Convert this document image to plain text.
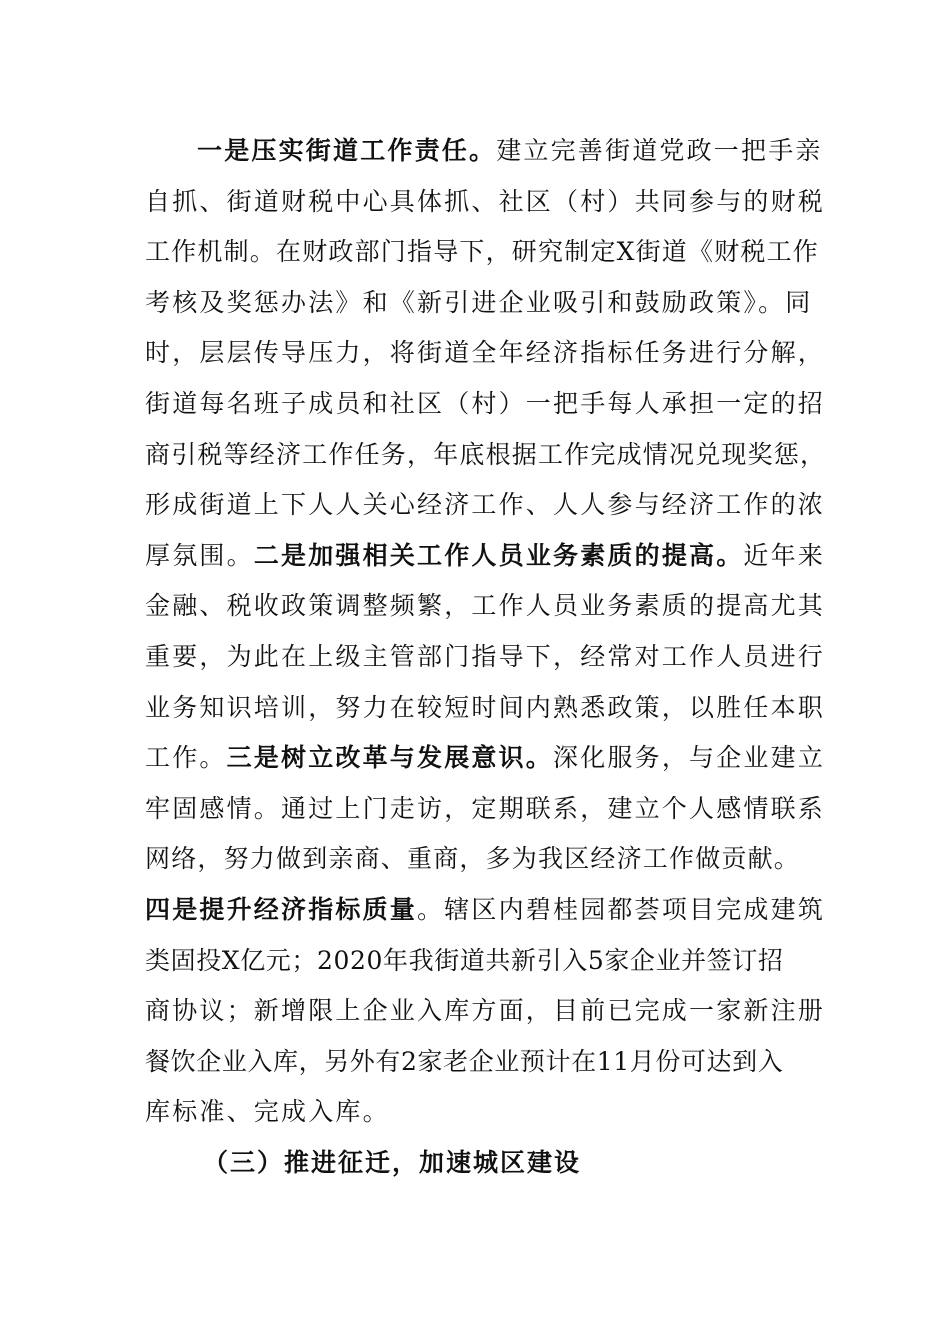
一是压实街道工作责任。建立完善街道党政一把手亲
自抓、街道财税中心具体抓、社区（村）共同参与的财税
工作机制。在财政部门指导下，研究制定X街道《财税工作
考核及奖惩办法》和《新引进企业吸引和鼓励政策》。同
时，层层传导压力，将街道全年经济指标任务进行分解，
街道每名班子成员和社区（村）一把手每人承担一定的招
商引税等经济工作任务，年底根据工作完成情况兑现奖惩，
形成街道上下人人关心经济工作、人人参与经济工作的浓
厚氛围。二是加强相关工作人员业务素质的提高。近年来
金融、税收政策调整频繁，工作人员业务素质的提高尤其
重要，为此在上级主管部门指导下，经常对工作人员进行
业务知识培训，努力在较短时间内熟悉政策，以胜任本职
工作。三是树立改革与发展意识。深化服务，与企业建立
牢固感情。通过上门走访，定期联系，建立个人感情联系
网络，努力做到亲商、重商，多为我区经济工作做贡献。
四是提升经济指标质量。辖区内碧桂园都荟项目完成建筑
类固投X亿元；2020年我街道共新引入5家企业并签订招
商协议；新增限上企业入库方面，目前已完成一家新注册
餐饮企业入库，另外有2家老企业预计在11月份可达到入
库标准、完成入库。
（三）推进征迁，加速城区建设
